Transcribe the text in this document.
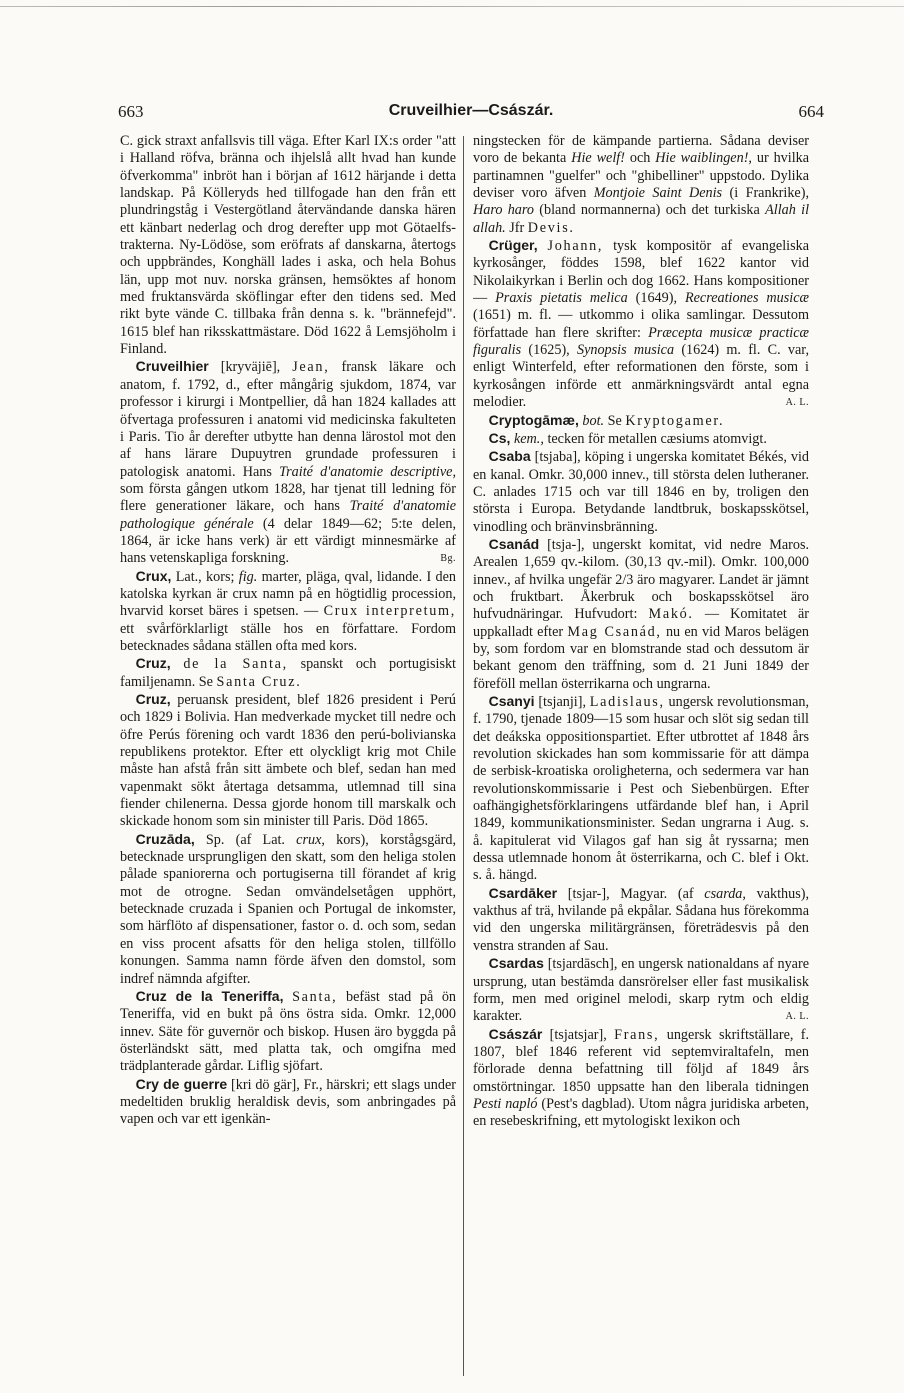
663	Cruveilhier—Császár.	664

C. gick straxt anfallsvis till väga. Efter Karl IX:s order "att i Halland röfva, bränna och ihjelslå allt hvad han kunde öfverkomma" inbröt han i början af 1612 härjande i detta landskap. På Kölleryds hed tillfogade han den från ett plundringståg i Vestergötland återvändande danska hären ett känbart nederlag och drog derefter upp mot Götaelfs-trakterna. Ny-Lödöse, som eröfrats af danskarna, återtogs och uppbrändes, Konghäll lades i aska, och hela Bohus län, upp mot nuv. norska gränsen, hemsöktes af honom med fruktansvärda sköflingar efter den tidens sed. Med rikt byte vände C. tillbaka från denna s. k. "brännefejd". 1615 blef han riksskattmästare. Död 1622 å Lemsjöholm i Finland.

Cruveilhier [kryväjiē], Jean, fransk läkare och anatom, f. 1792, d., efter mångårig sjukdom, 1874, var professor i kirurgi i Montpellier, då han 1824 kallades att öfvertaga professuren i anatomi vid medicinska fakulteten i Paris. Tio år derefter utbytte han denna lärostol mot den af hans lärare Dupuytren grundade professuren i patologisk anatomi. Hans Traité d'anatomie descriptive, som första gången utkom 1828, har tjenat till ledning för flere generationer läkare, och hans Traité d'anatomie pathologique générale (4 delar 1849—62; 5:te delen, 1864, är icke hans verk) är ett värdigt minnesmärke af hans vetenskapliga forskning.	Bg.

Crux, Lat., kors; fig. marter, pläga, qval, lidande. I den katolska kyrkan är crux namn på en högtidlig procession, hvarvid korset bäres i spetsen. — Crux interpretum, ett svårförklarligt ställe hos en författare. Fordom betecknades sådana ställen ofta med kors.

Cruz, de la Santa, spanskt och portugisiskt familjenamn. Se Santa Cruz.

Cruz, peruansk president, blef 1826 president i Perú och 1829 i Bolivia. Han medverkade mycket till nedre och öfre Perús förening och vardt 1836 den perú-bolivianska republikens protektor. Efter ett olyckligt krig mot Chile måste han afstå från sitt ämbete och blef, sedan han med vapenmakt sökt återtaga detsamma, utlemnad till sina fiender chilenerna. Dessa gjorde honom till marskalk och skickade honom som sin minister till Paris. Död 1865.

Cruzāda, Sp. (af Lat. crux, kors), korstågsgärd, betecknade ursprungligen den skatt, som den heliga stolen pålade spaniorerna och portugiserna till förandet af krig mot de otrogne. Sedan omvändelsetågen upphört, betecknade cruzada i Spanien och Portugal de inkomster, som härflöto af dispensationer, fastor o. d. och som, sedan en viss procent afsatts för den heliga stolen, tillföllo konungen. Samma namn förde äfven den domstol, som indref nämnda afgifter.

Cruz de la Teneriffa, Santa, befäst stad på ön Teneriffa, vid en bukt på öns östra sida. Omkr. 12,000 innev. Säte för guvernör och biskop. Husen äro byggda på österländskt sätt, med platta tak, och omgifna med trädplanterade gårdar. Liflig sjöfart.

Cry de guerre [kri dö gär], Fr., härskri; ett slags under medeltiden bruklig heraldisk devis, som anbringades på vapen och var ett igenkän-

ningstecken för de kämpande partierna. Sådana deviser voro de bekanta Hie welf! och Hie waiblingen!, ur hvilka partinamnen "guelfer" och "ghibelliner" uppstodo. Dylika deviser voro äfven Montjoie Saint Denis (i Frankrike), Haro haro (bland normannerna) och det turkiska Allah il allah. Jfr Devis.

Crüger, Johann, tysk kompositör af evangeliska kyrkosånger, föddes 1598, blef 1622 kantor vid Nikolaikyrkan i Berlin och dog 1662. Hans kompositioner — Praxis pietatis melica (1649), Recreationes musicæ (1651) m. fl. — utkommo i olika samlingar. Dessutom författade han flere skrifter: Præcepta musicæ practicæ figuralis (1625), Synopsis musica (1624) m. fl. C. var, enligt Winterfeld, efter reformationen den förste, som i kyrkosången införde ett anmärkningsvärdt antal egna melodier.	A. L.

Cryptogāmæ, bot. Se Kryptogamer.

Cs, kem., tecken för metallen cæsiums atomvigt.

Csaba [tsjaba], köping i ungerska komitatet Békés, vid en kanal. Omkr. 30,000 innev., till största delen lutheraner. C. anlades 1715 och var till 1846 en by, troligen den största i Europa. Betydande landtbruk, boskapsskötsel, vinodling och bränvinsbränning.

Csanád [tsja-], ungerskt komitat, vid nedre Maros. Arealen 1,659 qv.-kilom. (30,13 qv.-mil). Omkr. 100,000 innev., af hvilka ungefär 2/3 äro magyarer. Landet är jämnt och fruktbart. Åkerbruk och boskapsskötsel äro hufvudnäringar. Hufvudort: Makó. — Komitatet är uppkalladt efter Mag Csanád, nu en vid Maros belägen by, som fordom var en blomstrande stad och dessutom är bekant genom den träffning, som d. 21 Juni 1849 der föreföll mellan österrikarna och ungrarna.

Csanyi [tsjanji], Ladislaus, ungersk revolutionsman, f. 1790, tjenade 1809—15 som husar och slöt sig sedan till det deákska oppositionspartiet. Efter utbrottet af 1848 års revolution skickades han som kommissarie för att dämpa de serbisk-kroatiska oroligheterna, och sedermera var han revolutionskommissarie i Pest och Siebenbürgen. Efter oafhängighetsförklaringens utfärdande blef han, i April 1849, kommunikationsminister. Sedan ungrarna i Aug. s. å. kapitulerat vid Vilagos gaf han sig åt ryssarna; men dessa utlemnade honom åt österrikarna, och C. blef i Okt. s. å. hängd.

Csardāker [tsjar-], Magyar. (af csarda, vakthus), vakthus af trä, hvilande på ekpålar. Sådana hus förekomma vid den ungerska militärgränsen, företrädesvis på den venstra stranden af Sau.

Csardas [tsjardāsch], en ungersk nationaldans af nyare ursprung, utan bestämda dansrörelser eller fast musikalisk form, men med originel melodi, skarp rytm och eldig karakter.	A. L.

Császár [tsjatsjar], Frans, ungersk skriftställare, f. 1807, blef 1846 referent vid septemviraltafeln, men förlorade denna befattning till följd af 1849 års omstörtningar. 1850 uppsatte han den liberala tidningen Pesti napló (Pest's dagblad). Utom några juridiska arbeten, en resebeskrifning, ett mytologiskt lexikon och
